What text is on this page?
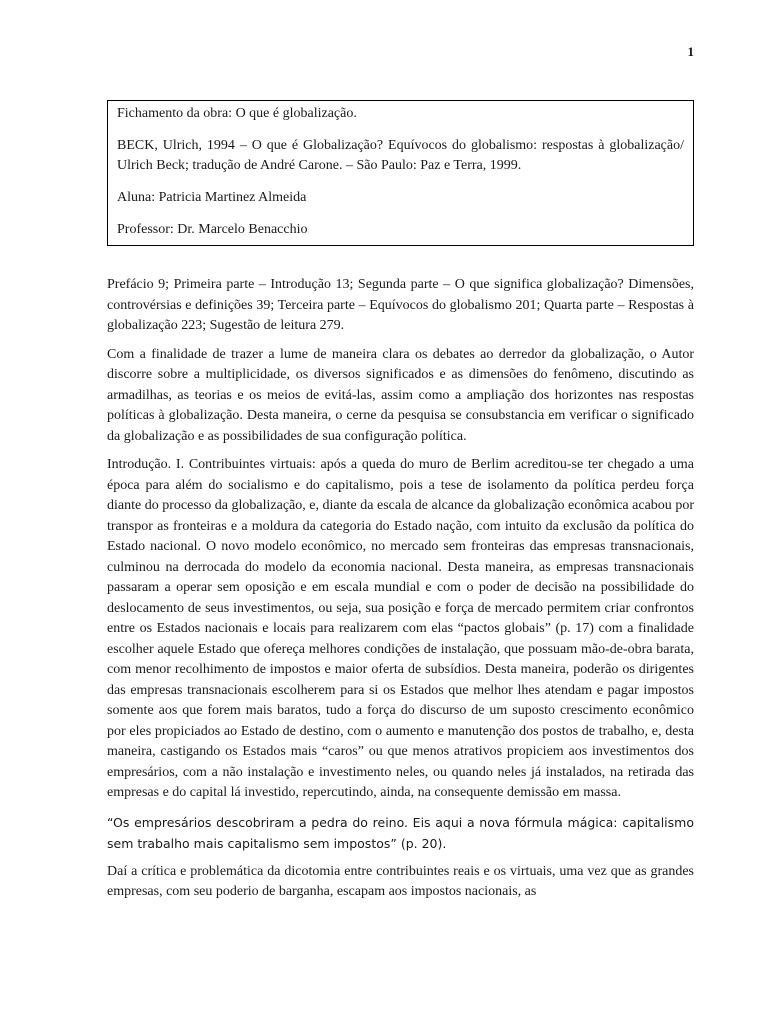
1

Fichamento da obra: O que é globalização.

BECK, Ulrich, 1994 – O que é Globalização? Equívocos do globalismo: respostas à globalização/ Ulrich Beck; tradução de André Carone. – São Paulo: Paz e Terra, 1999.

Aluna: Patricia Martinez Almeida

Professor: Dr. Marcelo Benacchio

Prefácio 9; Primeira parte – Introdução 13; Segunda parte – O que significa globalização? Dimensões, controvérsias e definições 39; Terceira parte – Equívocos do globalismo 201; Quarta parte – Respostas à globalização 223; Sugestão de leitura 279.

Com a finalidade de trazer a lume de maneira clara os debates ao derredor da globalização, o Autor discorre sobre a multiplicidade, os diversos significados e as dimensões do fenômeno, discutindo as armadilhas, as teorias e os meios de evitá-las, assim como a ampliação dos horizontes nas respostas políticas à globalização. Desta maneira, o cerne da pesquisa se consubstancia em verificar o significado da globalização e as possibilidades de sua configuração política.

Introdução. I. Contribuintes virtuais: após a queda do muro de Berlim acreditou-se ter chegado a uma época para além do socialismo e do capitalismo, pois a tese de isolamento da política perdeu força diante do processo da globalização, e, diante da escala de alcance da globalização econômica acabou por transpor as fronteiras e a moldura da categoria do Estado nação, com intuito da exclusão da política do Estado nacional. O novo modelo econômico, no mercado sem fronteiras das empresas transnacionais, culminou na derrocada do modelo da economia nacional. Desta maneira, as empresas transnacionais passaram a operar sem oposição e em escala mundial e com o poder de decisão na possibilidade do deslocamento de seus investimentos, ou seja, sua posição e força de mercado permitem criar confrontos entre os Estados nacionais e locais para realizarem com elas “pactos globais” (p. 17) com a finalidade escolher aquele Estado que ofereça melhores condições de instalação, que possuam mão-de-obra barata, com menor recolhimento de impostos e maior oferta de subsídios. Desta maneira, poderão os dirigentes das empresas transnacionais escolherem para si os Estados que melhor lhes atendam e pagar impostos somente aos que forem mais baratos, tudo a força do discurso de um suposto crescimento econômico por eles propiciados ao Estado de destino, com o aumento e manutenção dos postos de trabalho, e, desta maneira, castigando os Estados mais “caros” ou que menos atrativos propiciem aos investimentos dos empresários, com a não instalação e investimento neles, ou quando neles já instalados, na retirada das empresas e do capital lá investido, repercutindo, ainda, na consequente demissão em massa.

“Os empresários descobriram a pedra do reino. Eis aqui a nova fórmula mágica: capitalismo sem trabalho mais capitalismo sem impostos” (p. 20).

Daí a crítica e problemática da dicotomia entre contribuintes reais e os virtuais, uma vez que as grandes empresas, com seu poderio de barganha, escapam aos impostos nacionais, as
